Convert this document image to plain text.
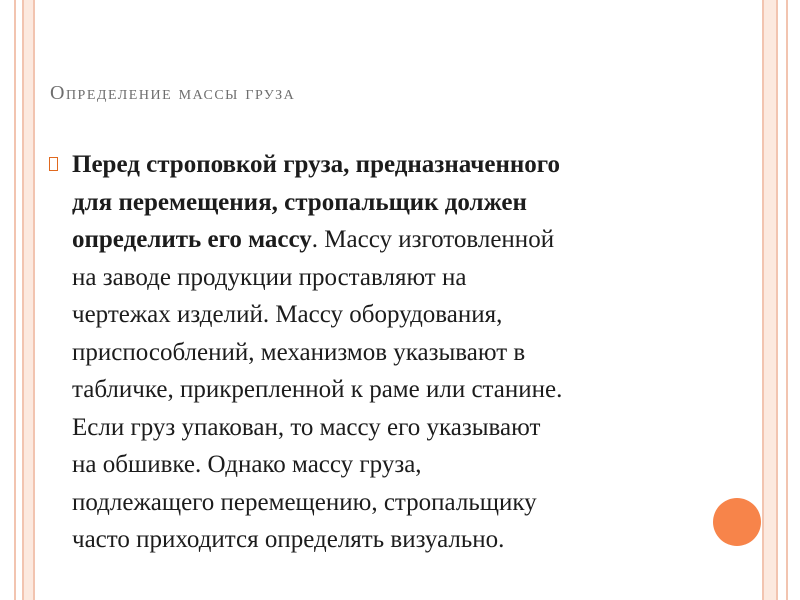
Определение массы груза
Перед строповкой груза, предназначенного
для перемещения, стропальщик должен
определить его массу. Массу изготовленной
на заводе продукции проставляют на
чертежах изделий. Массу оборудования,
приспособлений, механизмов указывают в
табличке, прикрепленной к раме или станине.
Если груз упакован, то массу его указывают
на обшивке. Однако массу груза,
подлежащего перемещению, стропальщику
часто приходится определять визуально.
